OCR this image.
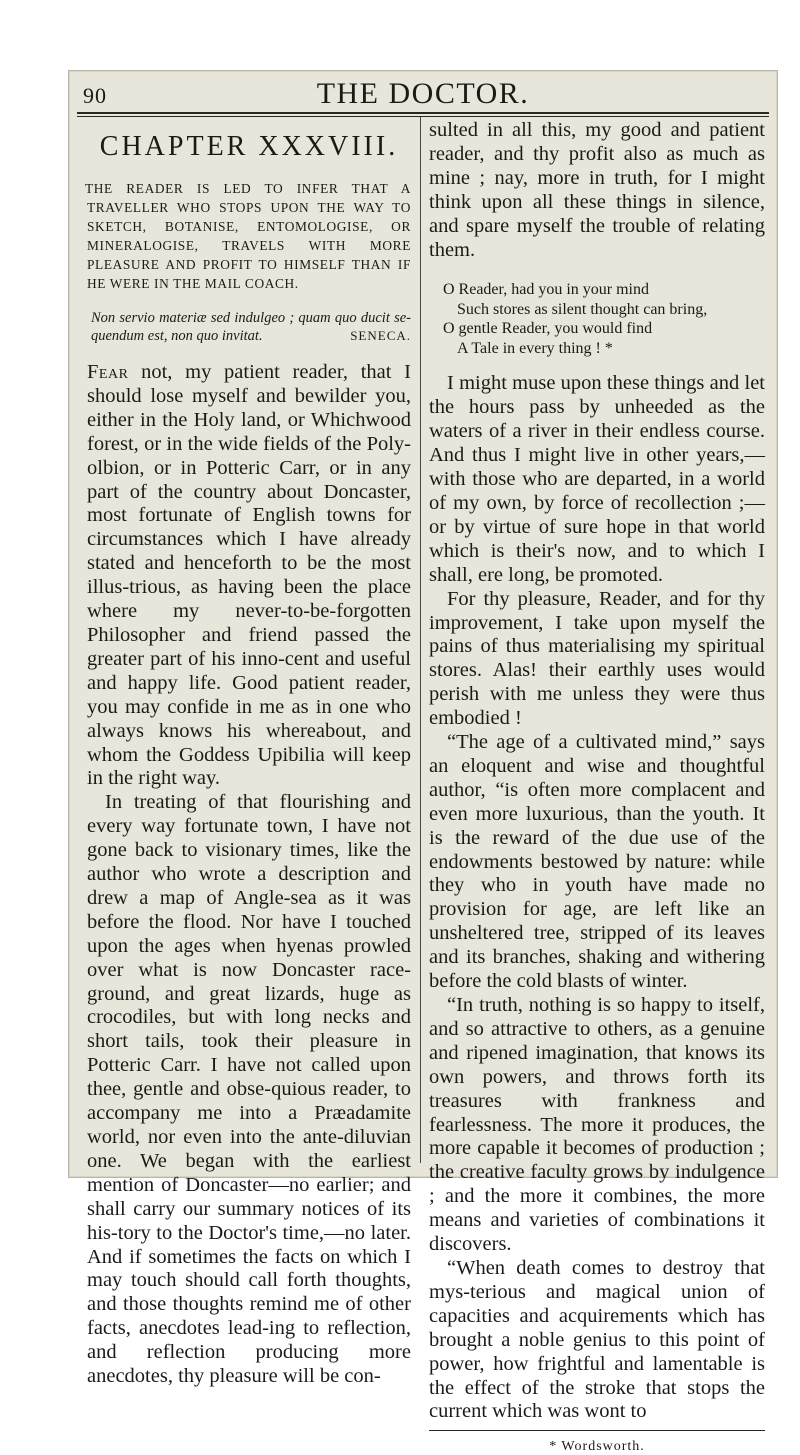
90	THE DOCTOR.
CHAPTER XXXVIII.
THE READER IS LED TO INFER THAT A TRAVELLER WHO STOPS UPON THE WAY TO SKETCH, BOTANISE, ENTOMOLOGISE, OR MINERALOGISE, TRAVELS WITH MORE PLEASURE AND PROFIT TO HIMSELF THAN IF HE WERE IN THE MAIL COACH.
Non servio materiæ sed indulgeo ; quam quo ducit se-quendum est, non quo invitat.	SENECA.

Fear not, my patient reader, that I should lose myself and bewilder you, either in the Holy land, or Whichwood forest, or in the wide fields of the Poly-olbion, or in Potteric Carr, or in any part of the country about Doncaster, most fortunate of English towns for circumstances which I have already stated and henceforth to be the most illus-trious, as having been the place where my never-to-be-forgotten Philosopher and friend passed the greater part of his inno-cent and useful and happy life. Good patient reader, you may confide in me as in one who always knows his whereabout, and whom the Goddess Upibilia will keep in the right way.

In treating of that flourishing and every way fortunate town, I have not gone back to visionary times, like the author who wrote a description and drew a map of Angle-sea as it was before the flood. Nor have I touched upon the ages when hyenas prowled over what is now Doncaster race-ground, and great lizards, huge as crocodiles, but with long necks and short tails, took their pleasure in Potteric Carr. I have not called upon thee, gentle and obse-quious reader, to accompany me into a Præadamite world, nor even into the ante-diluvian one. We began with the earliest mention of Doncaster—no earlier; and shall carry our summary notices of its his-tory to the Doctor's time,—no later. And if sometimes the facts on which I may touch should call forth thoughts, and those thoughts remind me of other facts, anecdotes lead-ing to reflection, and reflection producing more anecdotes, thy pleasure will be con-

sulted in all this, my good and patient reader, and thy profit also as much as mine ; nay, more in truth, for I might think upon all these things in silence, and spare myself the trouble of relating them.

O Reader, had you in your mind
Such stores as silent thought can bring,
O gentle Reader, you would find
A Tale in every thing ! *

I might muse upon these things and let the hours pass by unheeded as the waters of a river in their endless course. And thus I might live in other years,—with those who are departed, in a world of my own, by force of recollection ;—or by virtue of sure hope in that world which is their's now, and to which I shall, ere long, be promoted.

For thy pleasure, Reader, and for thy improvement, I take upon myself the pains of thus materialising my spiritual stores. Alas! their earthly uses would perish with me unless they were thus embodied !

“The age of a cultivated mind,” says an eloquent and wise and thoughtful author, “is often more complacent and even more luxurious, than the youth. It is the reward of the due use of the endowments bestowed by nature: while they who in youth have made no provision for age, are left like an unsheltered tree, stripped of its leaves and its branches, shaking and withering before the cold blasts of winter.

“In truth, nothing is so happy to itself, and so attractive to others, as a genuine and ripened imagination, that knows its own powers, and throws forth its treasures with frankness and fearlessness. The more it produces, the more capable it becomes of production ; the creative faculty grows by indulgence ; and the more it combines, the more means and varieties of combinations it discovers.

“When death comes to destroy that mys-terious and magical union of capacities and acquirements which has brought a noble genius to this point of power, how frightful and lamentable is the effect of the stroke that stops the current which was wont to

* Wordsworth.
